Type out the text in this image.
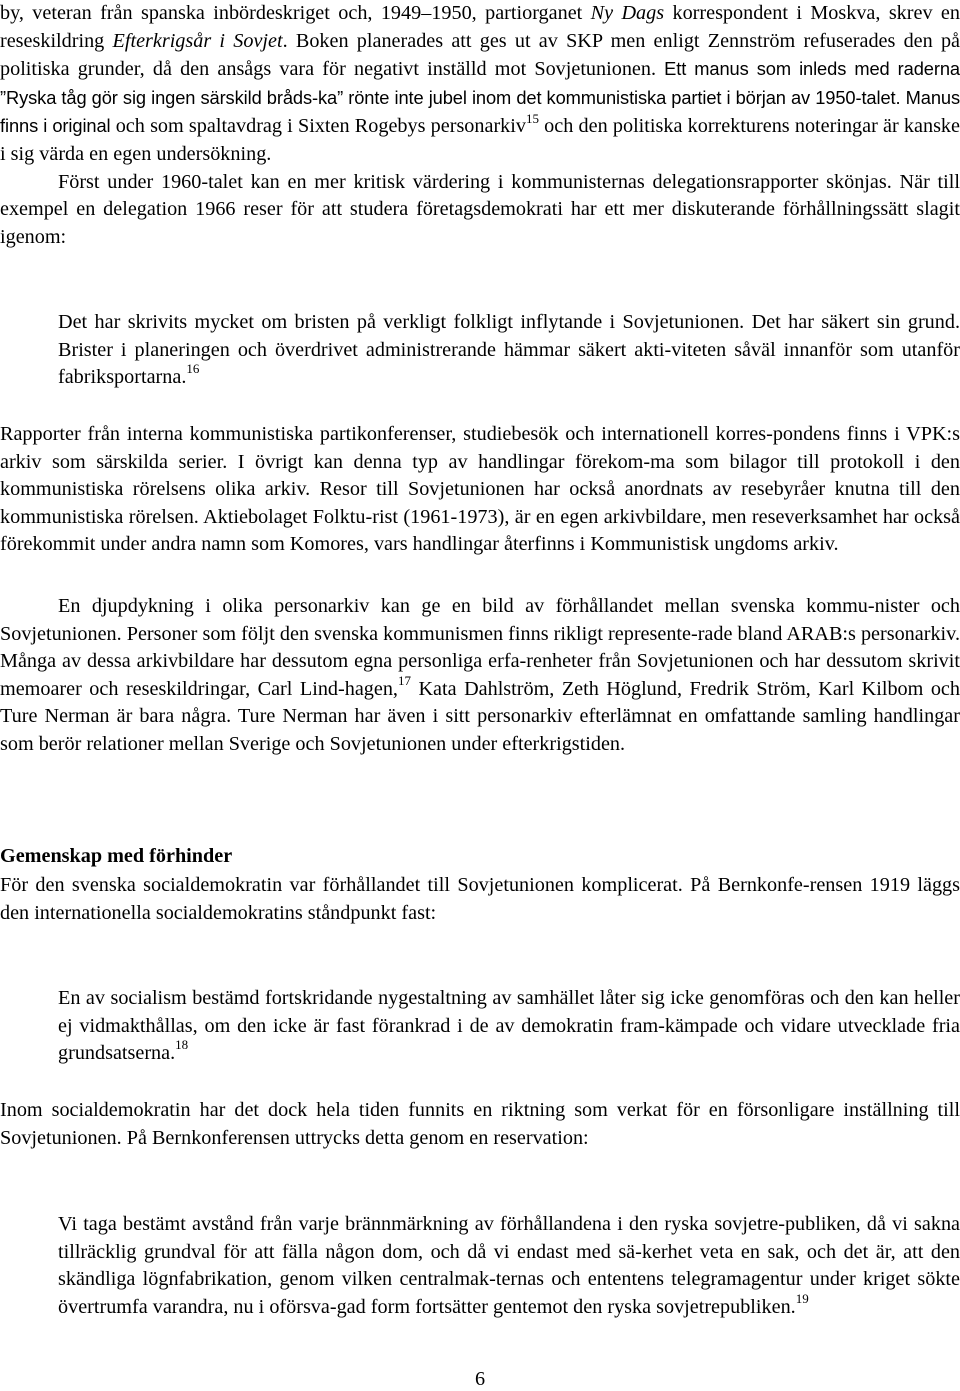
by, veteran från spanska inbördeskriget och, 1949–1950, partiorganet Ny Dags korrespondent i Moskva, skrev en reseskildring Efterkrigsår i Sovjet. Boken planerades att ges ut av SKP men enligt Zennström refuserades den på politiska grunder, då den ansågs vara för negativt inställd mot Sovjetunionen. Ett manus som inleds med raderna ”Ryska tåg gör sig ingen särskild bråds-ka” rönte inte jubel inom det kommunistiska partiet i början av 1950-talet. Manus finns i original och som spaltavdrag i Sixten Rogebys personarkiv$^{15}$ och den politiska korrekturens noteringar är kanske i sig värda en egen undersökning.
Först under 1960-talet kan en mer kritisk värdering i kommunisternas delegationsrapporter skönjas. När till exempel en delegation 1966 reser för att studera företagsdemokrati har ett mer diskuterande förhållningssätt slagit igenom:

Det har skrivits mycket om bristen på verkligt folkligt inflytande i Sovjetunionen. Det har säkert sin grund. Brister i planeringen och överdrivet administrerande hämmar säkert akti-viteten såväl innanför som utanför fabriksportarna.$^{16}$

Rapporter från interna kommunistiska partikonferenser, studiebesök och internationell korres-pondens finns i VPK:s arkiv som särskilda serier. I övrigt kan denna typ av handlingar förekom-ma som bilagor till protokoll i den kommunistiska rörelsens olika arkiv. Resor till Sovjetunionen har också anordnats av resebyråer knutna till den kommunistiska rörelsen. Aktiebolaget Folktu-rist (1961-1973), är en egen arkivbildare, men reseverksamhet har också förekommit under andra namn som Komores, vars handlingar återfinns i Kommunistisk ungdoms arkiv.

En djupdykning i olika personarkiv kan ge en bild av förhållandet mellan svenska kommu-nister och Sovjetunionen. Personer som följt den svenska kommunismen finns rikligt represente-rade bland ARAB:s personarkiv. Många av dessa arkivbildare har dessutom egna personliga erfa-renheter från Sovjetunionen och har dessutom skrivit memoarer och reseskildringar, Carl Lind-hagen,$^{17}$ Kata Dahlström, Zeth Höglund, Fredrik Ström, Karl Kilbom och Ture Nerman är bara några. Ture Nerman har även i sitt personarkiv efterlämnat en omfattande samling handlingar som berör relationer mellan Sverige och Sovjetunionen under efterkrigstiden.

Gemenskap med förhinder

För den svenska socialdemokratin var förhållandet till Sovjetunionen komplicerat. På Bernkonfe-rensen 1919 läggs den internationella socialdemokratins ståndpunkt fast:

En av socialism bestämd fortskridande nygestaltning av samhället låter sig icke genomföras och den kan heller ej vidmakthållas, om den icke är fast förankrad i de av demokratin fram-kämpade och vidare utvecklade fria grundsatserna.$^{18}$

Inom socialdemokratin har det dock hela tiden funnits en riktning som verkat för en försonligare inställning till Sovjetunionen. På Bernkonferensen uttrycks detta genom en reservation:

Vi taga bestämt avstånd från varje brännmärkning av förhållandena i den ryska sovjetre-publiken, då vi sakna tillräcklig grundval för att fälla någon dom, och då vi endast med sä-kerhet veta en sak, och det är, att den skändliga lögnfabrikation, genom vilken centralmak-ternas och ententens telegramagentur under kriget sökte övertrumfa varandra, nu i oförsva-gad form fortsätter gentemot den ryska sovjetrepubliken.$^{19}$

6
